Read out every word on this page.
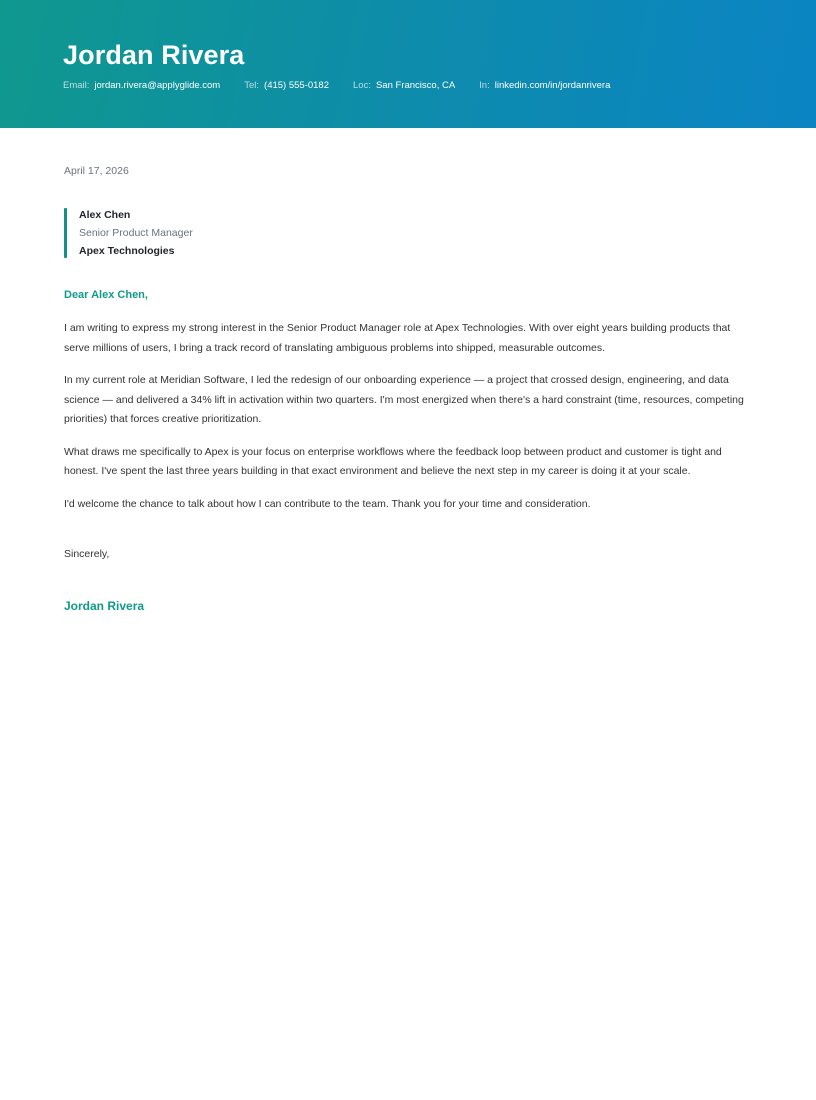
Jordan Rivera
Email: jordan.rivera@applyglide.com	Tel: (415) 555-0182	Loc: San Francisco, CA	In: linkedin.com/in/jordanrivera
April 17, 2026
Alex Chen
Senior Product Manager
Apex Technologies

Dear Alex Chen,

I am writing to express my strong interest in the Senior Product Manager role at Apex Technologies. With over eight years building products that serve millions of users, I bring a track record of translating ambiguous problems into shipped, measurable outcomes.

In my current role at Meridian Software, I led the redesign of our onboarding experience — a project that crossed design, engineering, and data science — and delivered a 34% lift in activation within two quarters. I'm most energized when there's a hard constraint (time, resources, competing priorities) that forces creative prioritization.

What draws me specifically to Apex is your focus on enterprise workflows where the feedback loop between product and customer is tight and honest. I've spent the last three years building in that exact environment and believe the next step in my career is doing it at your scale.

I'd welcome the chance to talk about how I can contribute to the team. Thank you for your time and consideration.

Sincerely,

Jordan Rivera
